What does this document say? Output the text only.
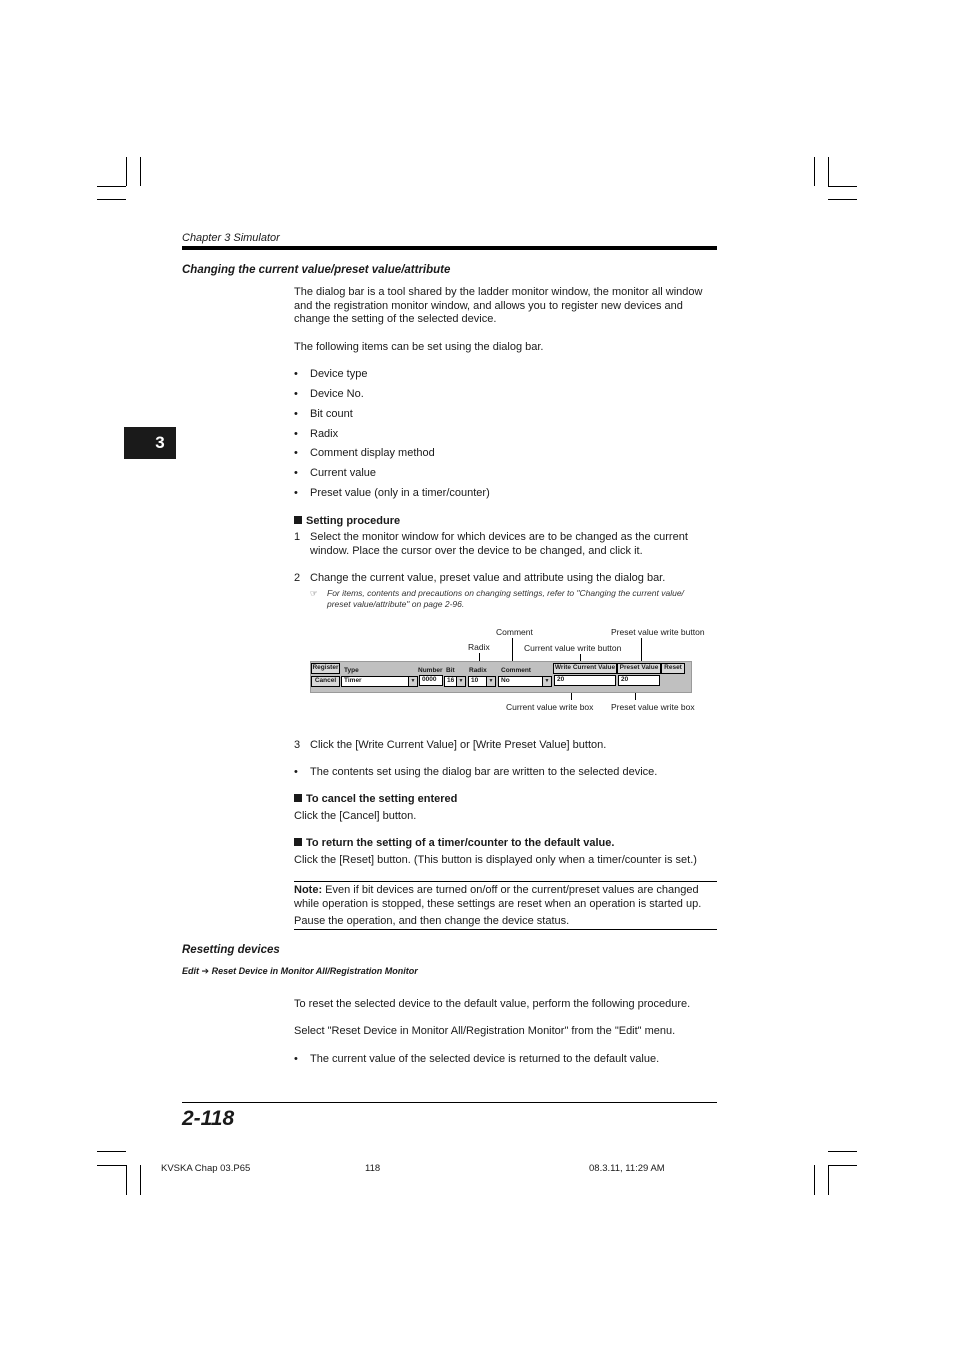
Chapter 3 Simulator
3
Changing the current value/preset value/attribute
The dialog bar is a tool shared by the ladder monitor window, the monitor all window
and the registration monitor window, and allows you to register new devices and
change the setting of the selected device.
The following items can be set using the dialog bar.
• Device type
• Device No.
• Bit count
• Radix
• Comment display method
• Current value
• Preset value (only in a timer/counter)
Setting procedure
1 Select the monitor window for which devices are to be changed as the current
window. Place the cursor over the device to be changed, and click it.
2 Change the current value, preset value and attribute using the dialog bar.
☞ For items, contents and precautions on changing settings, refer to "Changing the current value/
preset value/attribute" on page 2-96.
Comment	Preset value write button
Radix	Current value write button
Register
Cancel
Type	Number Bit Radix Comment	Write Current Value Preset Value Reset
Timer	▼	0000	16 ▼	10	▼	No	▼	20	20
Current value write box Preset value write box
3 Click the [Write Current Value] or [Write Preset Value] button.
• The contents set using the dialog bar are written to the selected device.
To cancel the setting entered
Click the [Cancel] button.
To return the setting of a timer/counter to the default value.
Click the [Reset] button. (This button is displayed only when a timer/counter is set.)
Note: Even if bit devices are turned on/off or the current/preset values are changed
while operation is stopped, these settings are reset when an operation is started up.
Pause the operation, and then change the device status.
Resetting devices
Edit ➔ Reset Device in Monitor All/Registration Monitor
To reset the selected device to the default value, perform the following procedure.
Select "Reset Device in Monitor All/Registration Monitor" from the "Edit" menu.
• The current value of the selected device is returned to the default value.
2-118
KVSKA Chap 03.P65	118	08.3.11, 11:29 AM
